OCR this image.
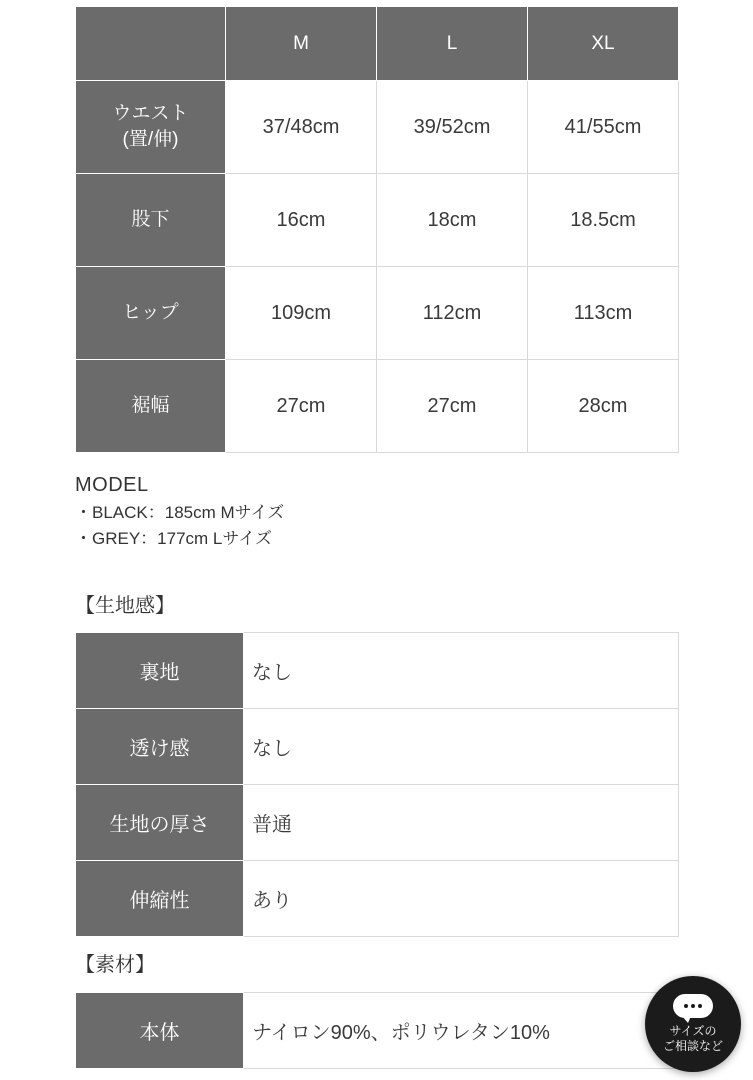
	M	L	XL

ウエスト
(置/伸)	37/48cm	39/52cm	41/55cm
股下	16cm	18cm	18.5cm
ヒップ	109cm	112cm	113cm
裾幅	27cm	27cm	28cm
MODEL
・BLACK：185cm Mサイズ
・GREY：177cm Lサイズ
【生地感】
裏地	なし
透け感	なし
生地の厚さ	普通
伸縮性	あり
【素材】
本体	ナイロン90%、ポリウレタン10%	サイズの
ご相談など
